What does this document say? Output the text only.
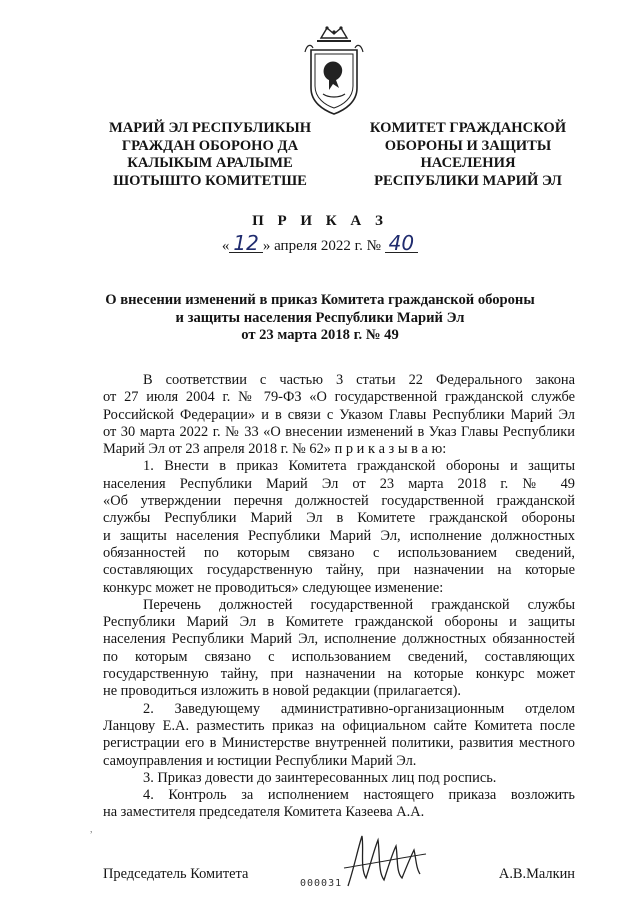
МАРИЙ ЭЛ РЕСПУБЛИКЫН
ГРАЖДАН ОБОРОНО ДА
КАЛЫКЫМ АРАЛЫМЕ
ШОТЫШТО КОМИТЕТШЕ
КОМИТЕТ ГРАЖДАНСКОЙ
ОБОРОНЫ И ЗАЩИТЫ
НАСЕЛЕНИЯ
РЕСПУБЛИКИ МАРИЙ ЭЛ
П Р И К А З
« 12 » апреля 2022 г. № 40
О внесении изменений в приказ Комитета гражданской обороны
и защиты населения Республики Марий Эл
от 23 марта 2018 г. № 49
В соответствии с частью 3 статьи 22 Федерального закона
от 27 июля 2004 г. № 79-ФЗ «О государственной гражданской службе
Российской Федерации» и в связи с Указом Главы Республики Марий Эл
от 30 марта 2022 г. № 33 «О внесении изменений в Указ Главы Республики
Марий Эл от 23 апреля 2018 г. № 62» п р и к а з ы в а ю:
1. Внести в приказ Комитета гражданской обороны и защиты
населения Республики Марий Эл от 23 марта 2018 г. № 49
«Об утверждении перечня должностей государственной гражданской
службы Республики Марий Эл в Комитете гражданской обороны
и защиты населения Республики Марий Эл, исполнение должностных
обязанностей по которым связано с использованием сведений,
составляющих государственную тайну, при назначении на которые
конкурс может не проводиться» следующее изменение:
Перечень должностей государственной гражданской службы
Республики Марий Эл в Комитете гражданской обороны и защиты
населения Республики Марий Эл, исполнение должностных обязанностей
по которым связано с использованием сведений, составляющих
государственную тайну, при назначении на которые конкурс может
не проводиться изложить в новой редакции (прилагается).
2. Заведующему административно-организационным отделом
Ланцову Е.А. разместить приказ на официальном сайте Комитета после
регистрации его в Министерстве внутренней политики, развития местного
самоуправления и юстиции Республики Марий Эл.
3. Приказ довести до заинтересованных лиц под роспись.
4. Контроль за исполнением настоящего приказа возложить
на заместителя председателя Комитета Казеева А.А.
,
Председатель Комитета	А.В.Малкин
000031
